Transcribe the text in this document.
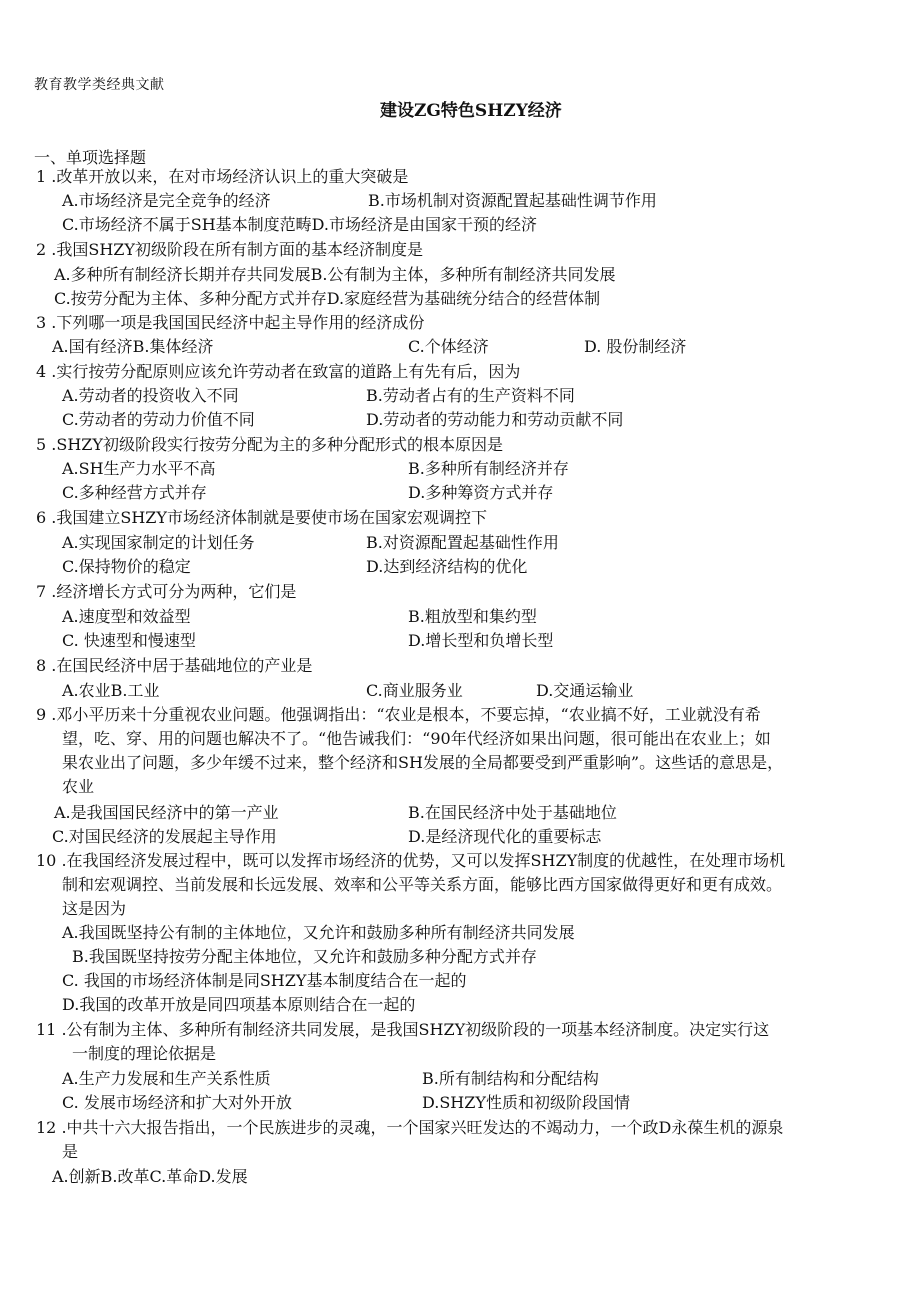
教育教学类经典文献
建设ZG特色SHZY经济
一、单项选择题
1 .改革开放以来，在对市场经济认识上的重大突破是
A.市场经济是完全竞争的经济	B.市场机制对资源配置起基础性调节作用
C.市场经济不属于SH基本制度范畴D.市场经济是由国家干预的经济
2 .我国SHZY初级阶段在所有制方面的基本经济制度是
A.多种所有制经济长期并存共同发展B.公有制为主体，多种所有制经济共同发展
C.按劳分配为主体、多种分配方式并存D.家庭经营为基础统分结合的经营体制
3 .下列哪一项是我国国民经济中起主导作用的经济成份
A.国有经济B.集体经济	C.个体经济	D. 股份制经济
4 .实行按劳分配原则应该允许劳动者在致富的道路上有先有后，因为
A.劳动者的投资收入不同	B.劳动者占有的生产资料不同
C.劳动者的劳动力价值不同	D.劳动者的劳动能力和劳动贡献不同
5 .SHZY初级阶段实行按劳分配为主的多种分配形式的根本原因是
A.SH生产力水平不高	B.多种所有制经济并存
C.多种经营方式并存	D.多种筹资方式并存
6 .我国建立SHZY市场经济体制就是要使市场在国家宏观调控下
A.实现国家制定的计划任务	B.对资源配置起基础性作用
C.保持物价的稳定	D.达到经济结构的优化
7 .经济增长方式可分为两种，它们是
A.速度型和效益型	B.粗放型和集约型
C. 快速型和慢速型	D.增长型和负增长型
8 .在国民经济中居于基础地位的产业是
A.农业B.工业	C.商业服务业	D.交通运输业
9 .邓小平历来十分重视农业问题。他强调指出：“农业是根本，不要忘掉，“农业搞不好，工业就没有希
望，吃、穿、用的问题也解决不了。“他告诫我们：“90年代经济如果出问题，很可能出在农业上；如
果农业出了问题，多少年缓不过来，整个经济和SH发展的全局都要受到严重影响”。这些话的意思是，
农业
A.是我国国民经济中的第一产业	B.在国民经济中处于基础地位
C.对国民经济的发展起主导作用	D.是经济现代化的重要标志
10 .在我国经济发展过程中，既可以发挥市场经济的优势，又可以发挥SHZY制度的优越性，在处理市场机
制和宏观调控、当前发展和长远发展、效率和公平等关系方面，能够比西方国家做得更好和更有成效。
这是因为
A.我国既坚持公有制的主体地位，又允许和鼓励多种所有制经济共同发展
B.我国既坚持按劳分配主体地位，又允许和鼓励多种分配方式并存
C. 我国的市场经济体制是同SHZY基本制度结合在一起的
D.我国的改革开放是同四项基本原则结合在一起的
11 .公有制为主体、多种所有制经济共同发展，是我国SHZY初级阶段的一项基本经济制度。决定实行这
一制度的理论依据是
A.生产力发展和生产关系性质	B.所有制结构和分配结构
C. 发展市场经济和扩大对外开放	D.SHZY性质和初级阶段国情
12 .中共十六大报告指出，一个民族进步的灵魂，一个国家兴旺发达的不竭动力，一个政D永葆生机的源泉
是
A.创新B.改革C.革命D.发展
